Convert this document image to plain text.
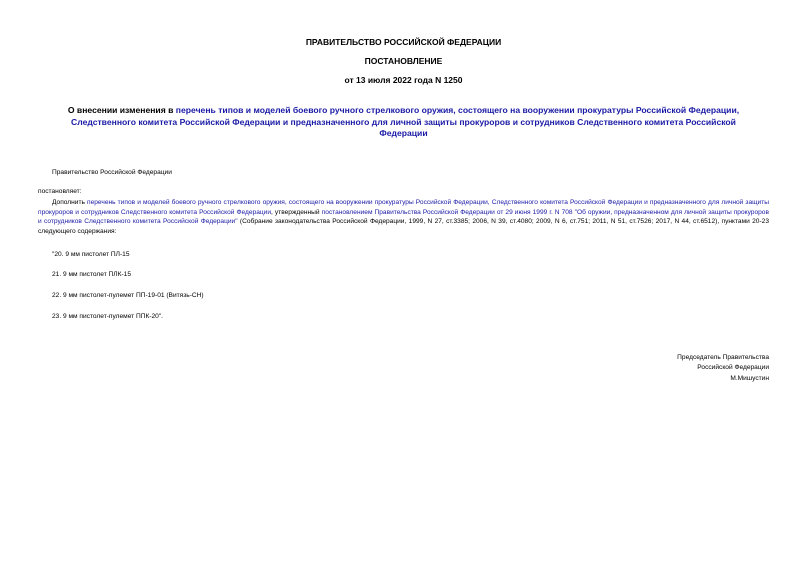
ПРАВИТЕЛЬСТВО РОССИЙСКОЙ ФЕДЕРАЦИИ
ПОСТАНОВЛЕНИЕ
от 13 июля 2022 года N 1250
О внесении изменения в перечень типов и моделей боевого ручного стрелкового оружия, состоящего на вооружении прокуратуры Российской Федерации, Следственного комитета Российской Федерации и предназначенного для личной защиты прокуроров и сотрудников Следственного комитета Российской Федерации
Правительство Российской Федерации
постановляет:
Дополнить перечень типов и моделей боевого ручного стрелкового оружия, состоящего на вооружении прокуратуры Российской Федерации, Следственного комитета Российской Федерации и предназначенного для личной защиты прокуроров и сотрудников Следственного комитета Российской Федерации, утвержденный постановлением Правительства Российской Федерации от 29 июня 1999 г. N 708 "Об оружии, предназначенном для личной защиты прокуроров и сотрудников Следственного комитета Российской Федерации" (Собрание законодательства Российской Федерации, 1999, N 27, ст.3385; 2006, N 39, ст.4080; 2009, N 6, ст.751; 2011, N 51, ст.7526; 2017, N 44, ст.6512), пунктами 20-23 следующего содержания:
"20. 9 мм пистолет ПЛ-15
21. 9 мм пистолет ПЛК-15
22. 9 мм пистолет-пулемет ПП-19-01 (Витязь-СН)
23. 9 мм пистолет-пулемет ППК-20".
Председатель Правительства
Российской Федерации
М.Мишустин
